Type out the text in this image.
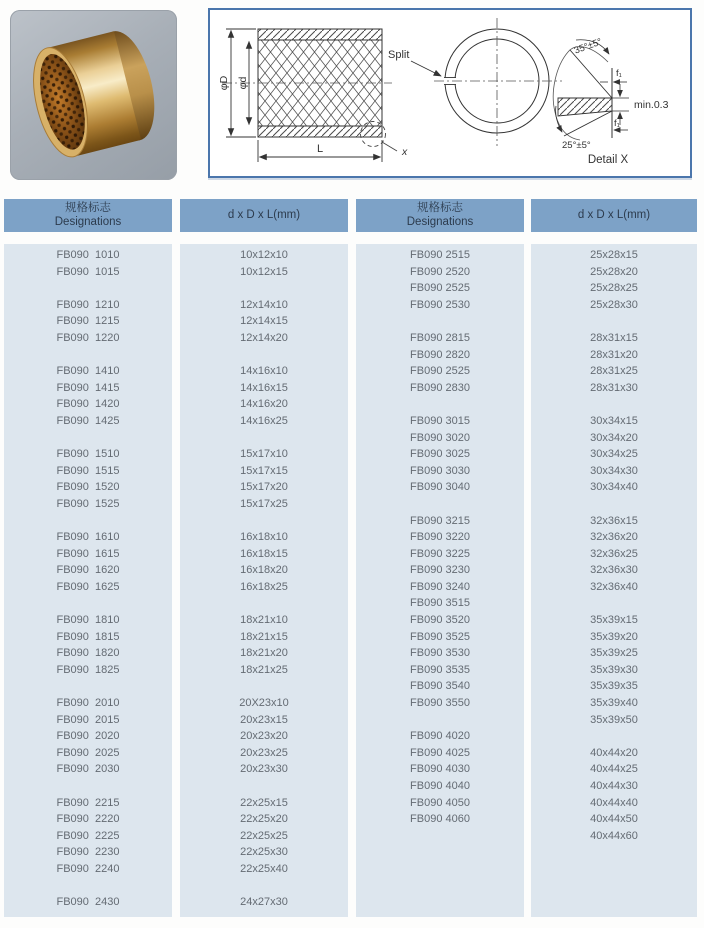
φD φd
L	x
Split	35°±5°
f₁
min.0.3
f₁
25°±5°
Detail X
规格标志
Designations
d x D x L(mm)
规格标志
Designations
d x D x L(mm)
FB090  1010
FB090  1015

FB090  1210
FB090  1215
FB090  1220

FB090  1410
FB090  1415
FB090  1420
FB090  1425

FB090  1510
FB090  1515
FB090  1520
FB090  1525

FB090  1610
FB090  1615
FB090  1620
FB090  1625

FB090  1810
FB090  1815
FB090  1820
FB090  1825

FB090  2010
FB090  2015
FB090  2020
FB090  2025
FB090  2030

FB090  2215
FB090  2220
FB090  2225
FB090  2230
FB090  2240

FB090  2430
10x12x10
10x12x15

12x14x10
12x14x15
12x14x20

14x16x10
14x16x15
14x16x20
14x16x25

15x17x10
15x17x15
15x17x20
15x17x25

16x18x10
16x18x15
16x18x20
16x18x25

18x21x10
18x21x15
18x21x20
18x21x25

20X23x10
20x23x15
20x23x20
20x23x25
20x23x30

22x25x15
22x25x20
22x25x25
22x25x30
22x25x40

24x27x30
FB090 2515
FB090 2520
FB090 2525
FB090 2530

FB090 2815
FB090 2820
FB090 2525
FB090 2830

FB090 3015
FB090 3020
FB090 3025
FB090 3030
FB090 3040

FB090 3215
FB090 3220
FB090 3225
FB090 3230
FB090 3240
FB090 3515
FB090 3520
FB090 3525
FB090 3530
FB090 3535
FB090 3540
FB090 3550

FB090 4020
FB090 4025
FB090 4030
FB090 4040
FB090 4050
FB090 4060

25x28x15
25x28x20
25x28x25
25x28x30

28x31x15
28x31x20
28x31x25
28x31x30

30x34x15
30x34x20
30x34x25
30x34x30
30x34x40

32x36x15
32x36x20
32x36x25
32x36x30
32x36x40

35x39x15
35x39x20
35x39x25
35x39x30
35x39x35
35x39x40
35x39x50

40x44x20
40x44x25
40x44x30
40x44x40
40x44x50
40x44x60
